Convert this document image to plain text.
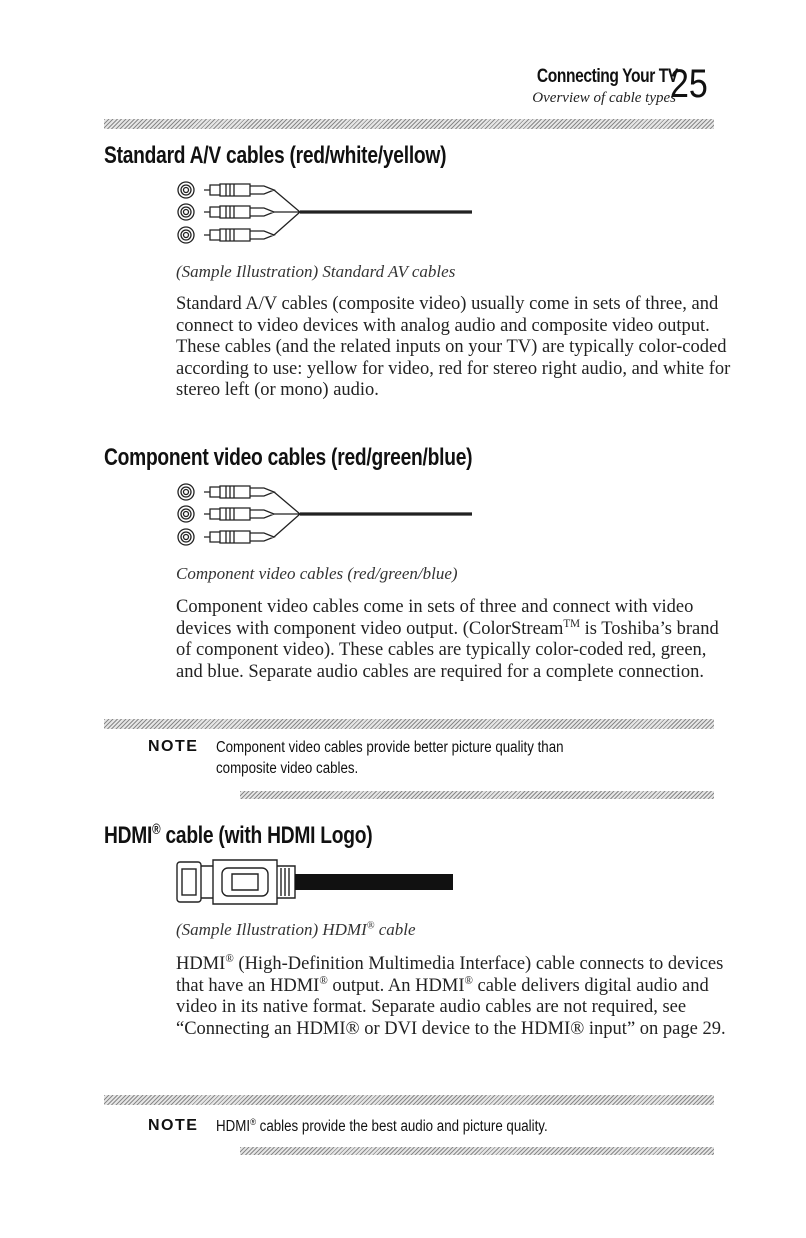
Connecting Your TV
Overview of cable types
25
Standard A/V cables (red/white/yellow)
(Sample Illustration) Standard AV cables

Standard A/V cables (composite video) usually come in sets of three, and connect to video devices with analog audio and composite video output. These cables (and the related inputs on your TV) are typically color-coded according to use: yellow for video, red for stereo right audio, and white for stereo left (or mono) audio.

Component video cables (red/green/blue)
Component video cables (red/green/blue)

Component video cables come in sets of three and connect with video devices with component video output. (ColorStream™ is Toshiba’s brand of component video). These cables are typically color-coded red, green, and blue. Separate audio cables are required for a complete connection.

NOTE Component video cables provide better picture quality than composite video cables.
HDMI® cable (with HDMI Logo)
(Sample Illustration) HDMI® cable

HDMI® (High-Definition Multimedia Interface) cable connects to devices that have an HDMI® output. An HDMI® cable delivers digital audio and video in its native format. Separate audio cables are not required, see “Connecting an HDMI® or DVI device to the HDMI® input” on page 29.

NOTE HDMI® cables provide the best audio and picture quality.
